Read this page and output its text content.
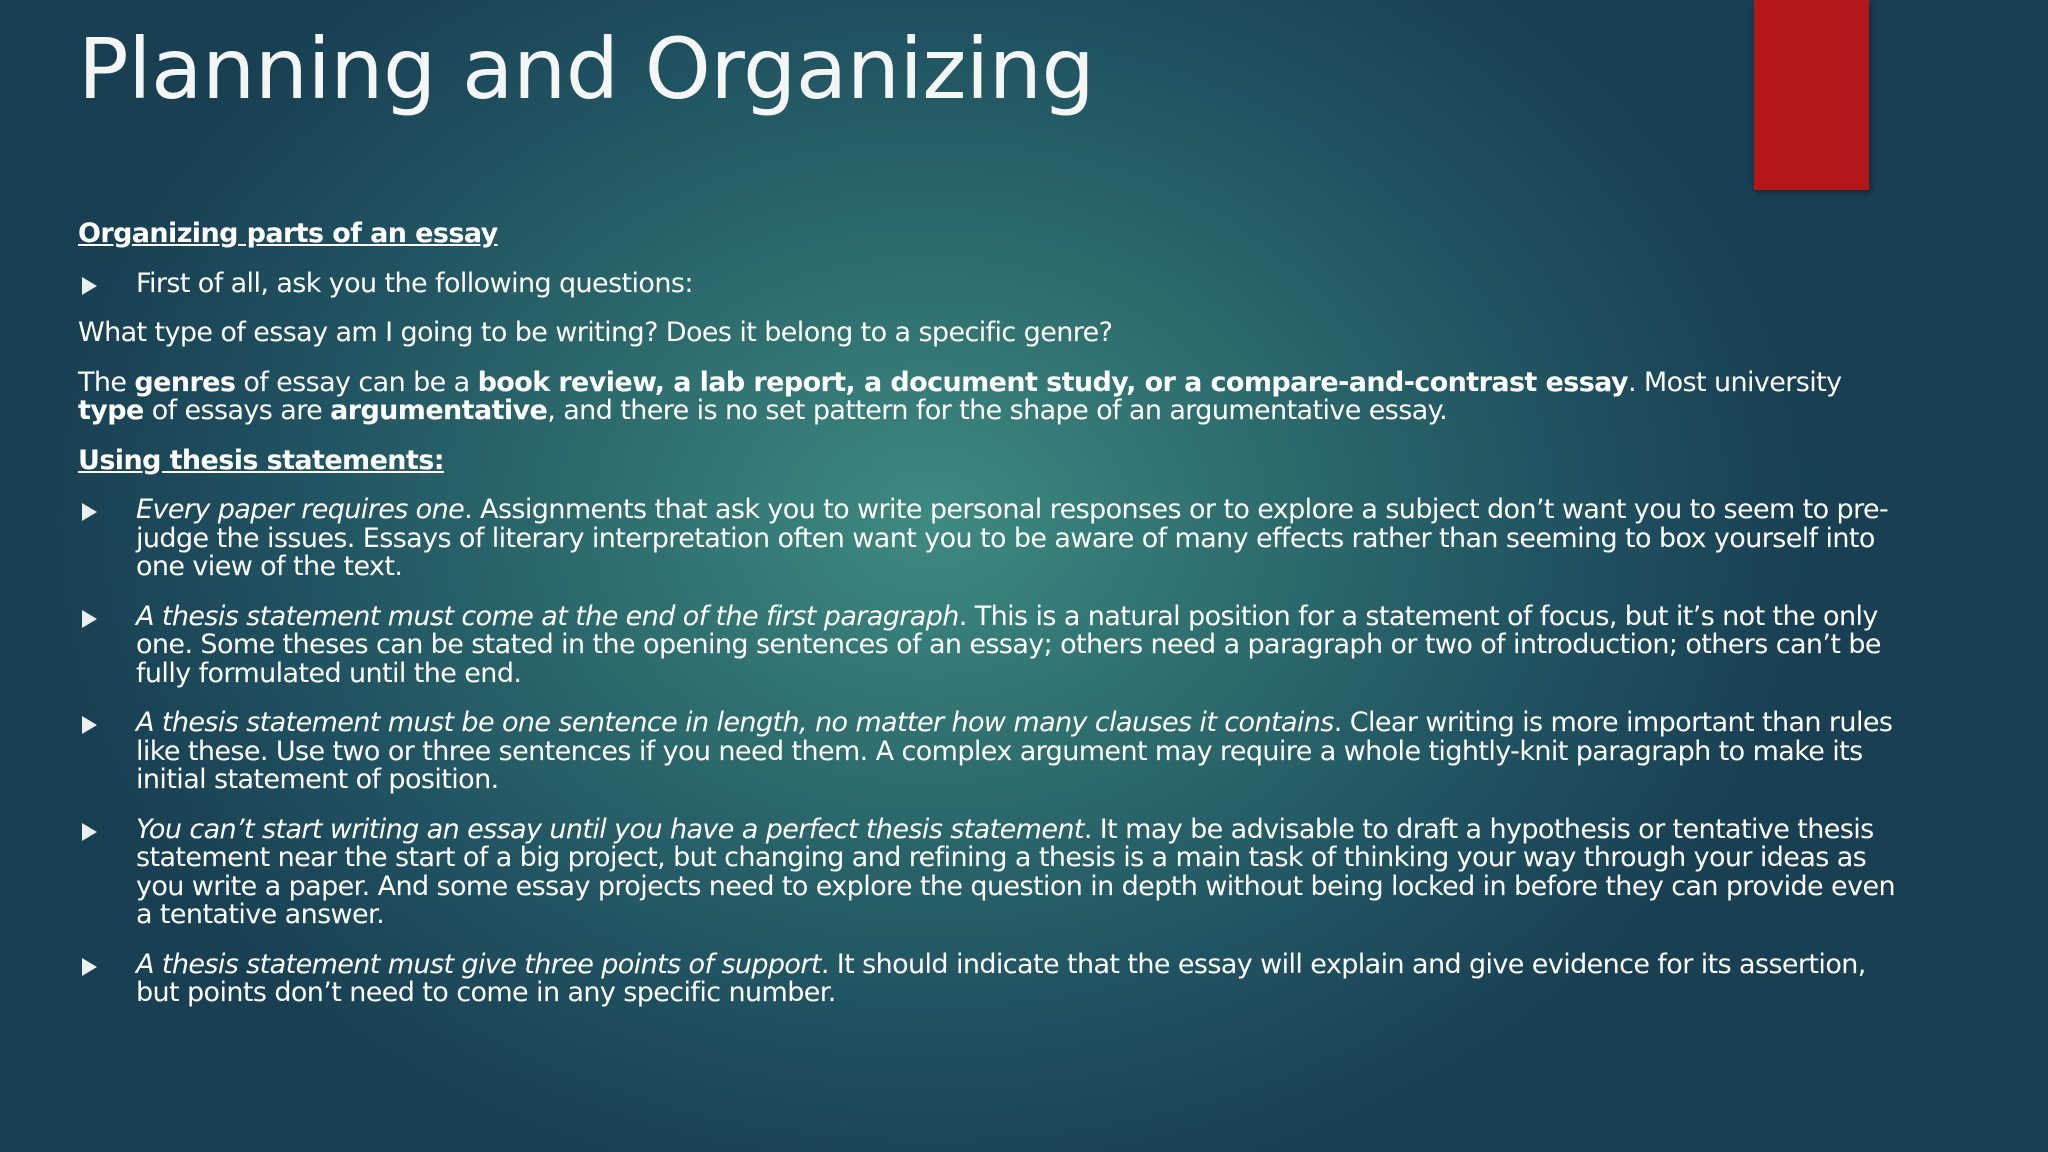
Planning and Organizing

Organizing parts of an essay

First of all, ask you the following questions:

What type of essay am I going to be writing? Does it belong to a specific genre?

The genres of essay can be a book review, a lab report, a document study, or a compare-and-contrast essay. Most university type of essays are argumentative, and there is no set pattern for the shape of an argumentative essay.

Using thesis statements:

Every paper requires one. Assignments that ask you to write personal responses or to explore a subject don’t want you to seem to pre-judge the issues. Essays of literary interpretation often want you to be aware of many effects rather than seeming to box yourself into one view of the text.
A thesis statement must come at the end of the first paragraph. This is a natural position for a statement of focus, but it’s not the only one. Some theses can be stated in the opening sentences of an essay; others need a paragraph or two of introduction; others can’t be fully formulated until the end.
A thesis statement must be one sentence in length, no matter how many clauses it contains. Clear writing is more important than rules like these. Use two or three sentences if you need them. A complex argument may require a whole tightly-knit paragraph to make its initial statement of position.
You can’t start writing an essay until you have a perfect thesis statement. It may be advisable to draft a hypothesis or tentative thesis statement near the start of a big project, but changing and refining a thesis is a main task of thinking your way through your ideas as you write a paper. And some essay projects need to explore the question in depth without being locked in before they can provide even a tentative answer.
A thesis statement must give three points of support. It should indicate that the essay will explain and give evidence for its assertion, but points don’t need to come in any specific number.
